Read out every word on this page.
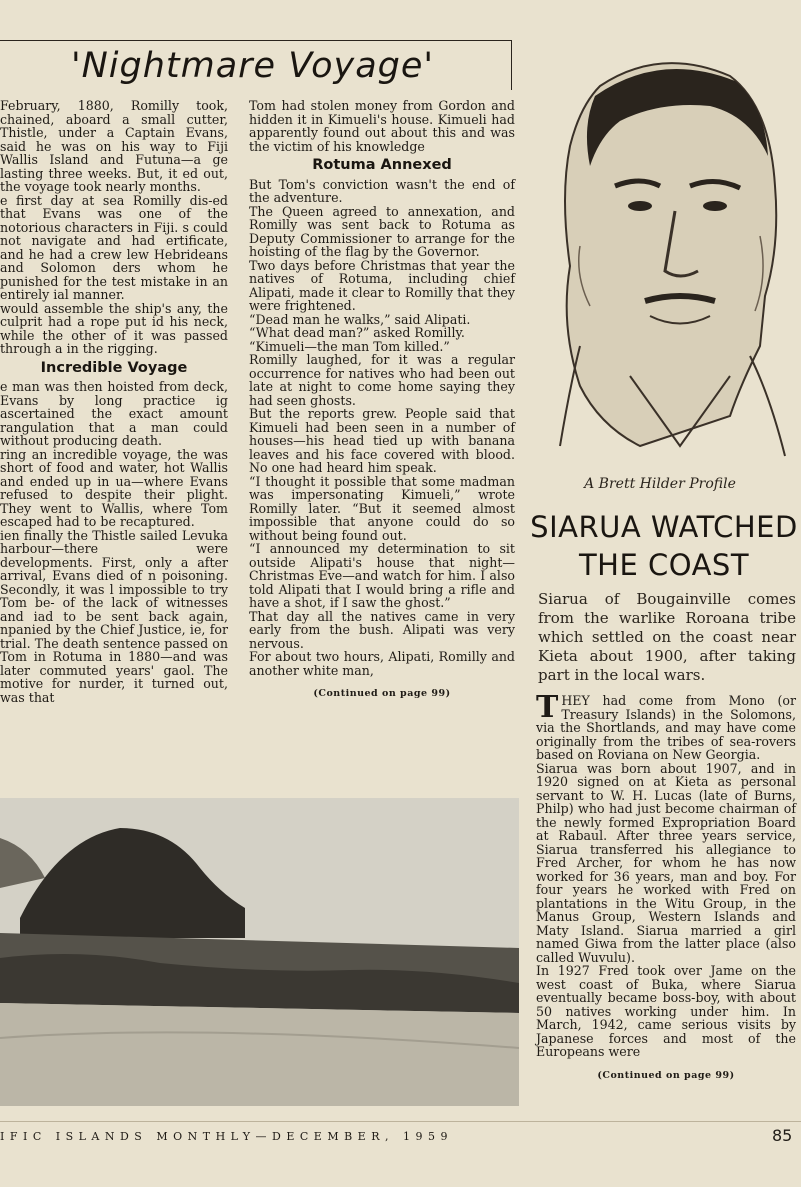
'Nightmare Voyage'

February, 1880, Romilly took, chained, aboard a small cutter, Thistle, under a Captain Evans, said he was on his way to Fiji Wallis Island and Futuna—a ge lasting three weeks. But, it ed out, the voyage took nearly months.

e first day at sea Romilly dis-ed that Evans was one of the notorious characters in Fiji. s could not navigate and had ertificate, and he had a crew lew Hebrideans and Solomon ders whom he punished for the test mistake in an entirely ial manner.

would assemble the ship's any, the culprit had a rope put id his neck, while the other of it was passed through a in the rigging.

Incredible Voyage

e man was then hoisted from deck, Evans by long practice ig ascertained the exact amount rangulation that a man could without producing death.

ring an incredible voyage, the was short of food and water, hot Wallis and ended up in ua—where Evans refused to despite their plight. They went to Wallis, where Tom escaped had to be recaptured.

ien finally the Thistle sailed Levuka harbour—there were developments. First, only a after arrival, Evans died of n poisoning. Secondly, it was l impossible to try Tom be- of the lack of witnesses and iad to be sent back again, npanied by the Chief Justice, ie, for trial. The death sentence passed on Tom in Rotuma in 1880—and was later commuted years' gaol. The motive for nurder, it turned out, was that

Tom had stolen money from Gordon and hidden it in Kimueli's house. Kimueli had apparently found out about this and was the victim of his knowledge

Rotuma Annexed

But Tom's conviction wasn't the end of the adventure.

The Queen agreed to annexation, and Romilly was sent back to Rotuma as Deputy Commissioner to arrange for the hoisting of the flag by the Governor.

Two days before Christmas that year the natives of Rotuma, including chief Alipati, made it clear to Romilly that they were frightened.

“Dead man he walks,” said Alipati.

“What dead man?” asked Romilly.

“Kimueli—the man Tom killed.”

Romilly laughed, for it was a regular occurrence for natives who had been out late at night to come home saying they had seen ghosts.

But the reports grew. People said that Kimueli had been seen in a number of houses—his head tied up with banana leaves and his face covered with blood. No one had heard him speak.

“I thought it possible that some madman was impersonating Kimueli,” wrote Romilly later. “But it seemed almost impossible that anyone could do so without being found out.

“I announced my determination to sit outside Alipati's house that night—Christmas Eve—and watch for him. I also told Alipati that I would bring a rifle and have a shot, if I saw the ghost.”

That day all the natives came in very early from the bush. Alipati was very nervous.

For about two hours, Alipati, Romilly and another white man,

(Continued on page 99)
A Brett Hilder Profile
SIARUA WATCHED
THE COAST
Siarua of Bougainville comes from the warlike Roroana tribe which settled on the coast near Kieta about 1900, after taking part in the local wars.

THEY had come from Mono (or Treasury Islands) in the Solomons, via the Shortlands, and may have come originally from the tribes of sea-rovers based on Roviana on New Georgia.

Siarua was born about 1907, and in 1920 signed on at Kieta as personal servant to W. H. Lucas (late of Burns, Philp) who had just become chairman of the newly formed Expropriation Board at Rabaul. After three years service, Siarua transferred his allegiance to Fred Archer, for whom he has now worked for 36 years, man and boy. For four years he worked with Fred on plantations in the Witu Group, in the Manus Group, Western Islands and Maty Island. Siarua married a girl named Giwa from the latter place (also called Wuvulu).

In 1927 Fred took over Jame on the west coast of Buka, where Siarua eventually became boss-boy, with about 50 natives working under him. In March, 1942, came serious visits by Japanese forces and most of the Europeans were

(Continued on page 99)
IFIC ISLANDS MONTHLY—DECEMBER, 1959	85
